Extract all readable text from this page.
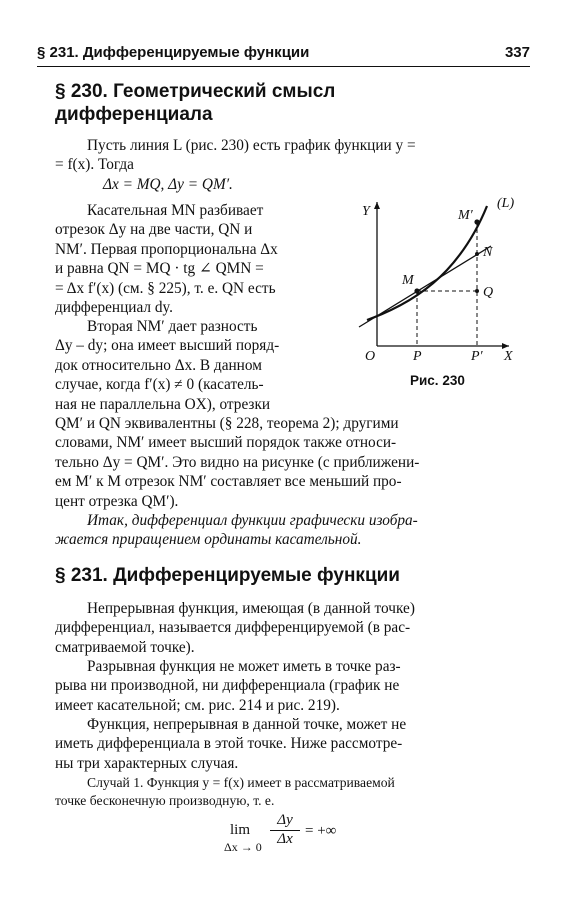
§ 231. Дифференцируемые функции	337
§ 230. Геометрический смысл
дифференциала
Пусть линия L (рис. 230) есть график функции y =
= f(x). Тогда
Δx = MQ, Δy = QM′.
Касательная MN разбивает
отрезок Δy на две части, QN и
NM′. Первая пропорциональна Δx
и равна QN = MQ · tg ∠ QMN =
= Δx f′(x) (см. § 225), т. е. QN есть
дифференциал dy.
Вторая NM′ дает разность
Δy – dy; она имеет высший поряд-
док относительно Δx. В данном
случае, когда f′(x) ≠ 0 (касатель-
ная не параллельна OX), отрезки
QM′ и QN эквивалентны (§ 228, теорема 2); другими
словами, NM′ имеет высший порядок также относи-
тельно Δy = QM′. Это видно на рисунке (с приближени-
ем M′ к M отрезок NM′ составляет все меньший про-
цент отрезка QM′).
Итак, дифференциал функции графически изобра-
жается приращением ординаты касательной.
Y
X
O	P	P′
M
M′
N
Q
(L)
Рис. 230
§ 231. Дифференцируемые функции
Непрерывная функция, имеющая (в данной точке)
дифференциал, называется дифференцируемой (в рас-
сматриваемой точке).
Разрывная функция не может иметь в точке раз-
рыва ни производной, ни дифференциала (график не
имеет касательной; см. рис. 214 и рис. 219).
Функция, непрерывная в данной точке, может не
иметь дифференциала в этой точке. Ниже рассмотре-
ны три характерных случая.
Случай 1. Функция y = f(x) имеет в рассматриваемой
точке бесконечную производную, т. е.
lim
$\Delta x \to 0 \frac{\Delta y}{\Delta x}$ = +∞
